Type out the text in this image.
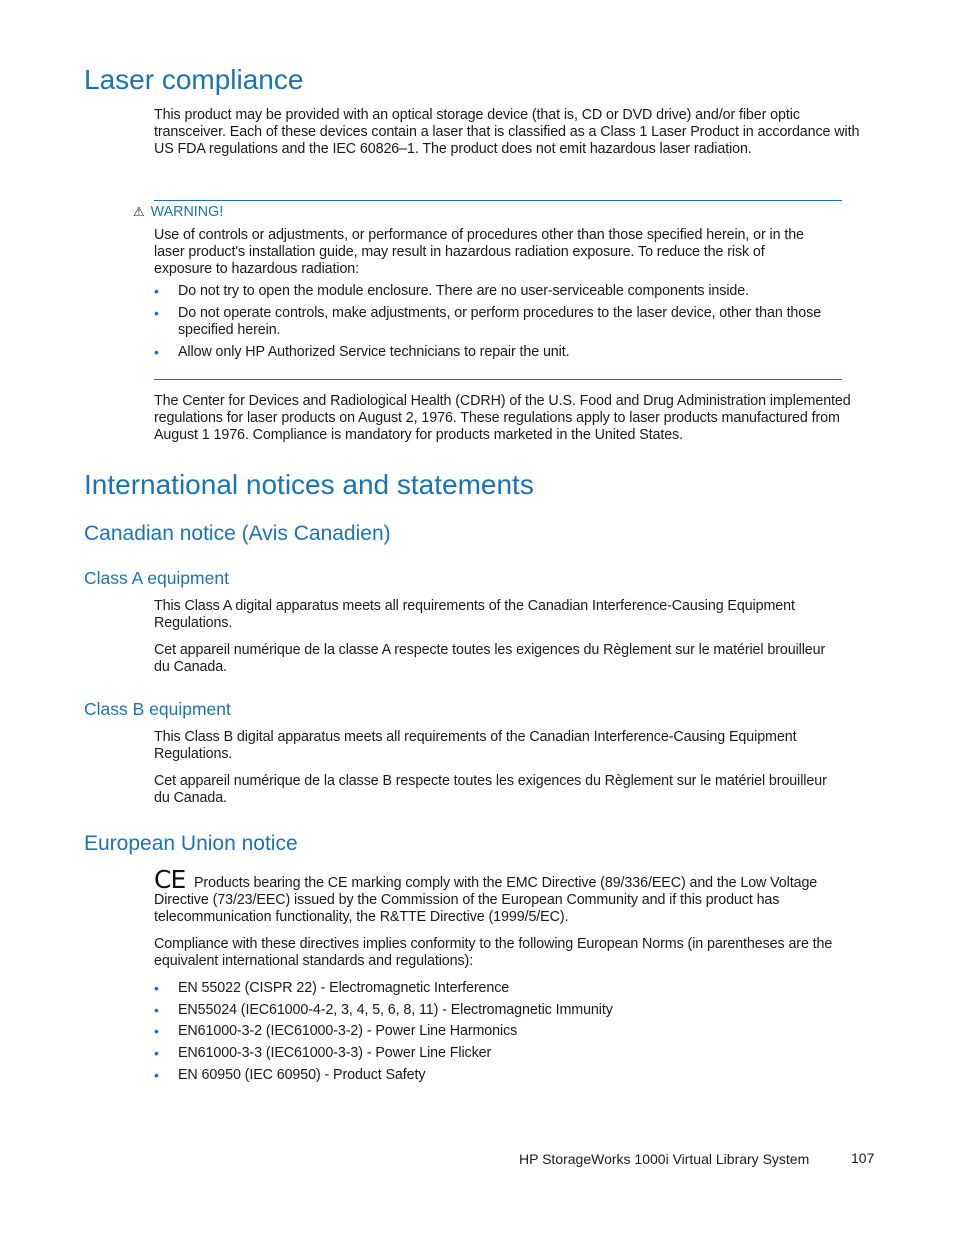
Laser compliance

This product may be provided with an optical storage device (that is, CD or DVD drive) and/or fiber optic transceiver. Each of these devices contain a laser that is classified as a Class 1 Laser Product in accordance with US FDA regulations and the IEC 60826–1. The product does not emit hazardous laser radiation.

⚠ WARNING!

Use of controls or adjustments, or performance of procedures other than those specified herein, or in the laser product's installation guide, may result in hazardous radiation exposure. To reduce the risk of exposure to hazardous radiation:

• Do not try to open the module enclosure. There are no user-serviceable components inside.
• Do not operate controls, make adjustments, or perform procedures to the laser device, other than those specified herein.
• Allow only HP Authorized Service technicians to repair the unit.

The Center for Devices and Radiological Health (CDRH) of the U.S. Food and Drug Administration implemented regulations for laser products on August 2, 1976. These regulations apply to laser products manufactured from August 1 1976. Compliance is mandatory for products marketed in the United States.

International notices and statements
Canadian notice (Avis Canadien)
Class A equipment

This Class A digital apparatus meets all requirements of the Canadian Interference-Causing Equipment Regulations.

Cet appareil numérique de la classe A respecte toutes les exigences du Règlement sur le matériel brouilleur du Canada.

Class B equipment

This Class B digital apparatus meets all requirements of the Canadian Interference-Causing Equipment Regulations.

Cet appareil numérique de la classe B respecte toutes les exigences du Règlement sur le matériel brouilleur du Canada.

European Union notice
CE Products bearing the CE marking comply with the EMC Directive (89/336/EEC) and the Low Voltage Directive (73/23/EEC) issued by the Commission of the European Community and if this product has telecommunication functionality, the R&TTE Directive (1999/5/EC).

Compliance with these directives implies conformity to the following European Norms (in parentheses are the equivalent international standards and regulations):

• EN 55022 (CISPR 22) - Electromagnetic Interference
• EN55024 (IEC61000-4-2, 3, 4, 5, 6, 8, 11) - Electromagnetic Immunity
• EN61000-3-2 (IEC61000-3-2) - Power Line Harmonics
• EN61000-3-3 (IEC61000-3-3) - Power Line Flicker
• EN 60950 (IEC 60950) - Product Safety
HP StorageWorks 1000i Virtual Library System	107
